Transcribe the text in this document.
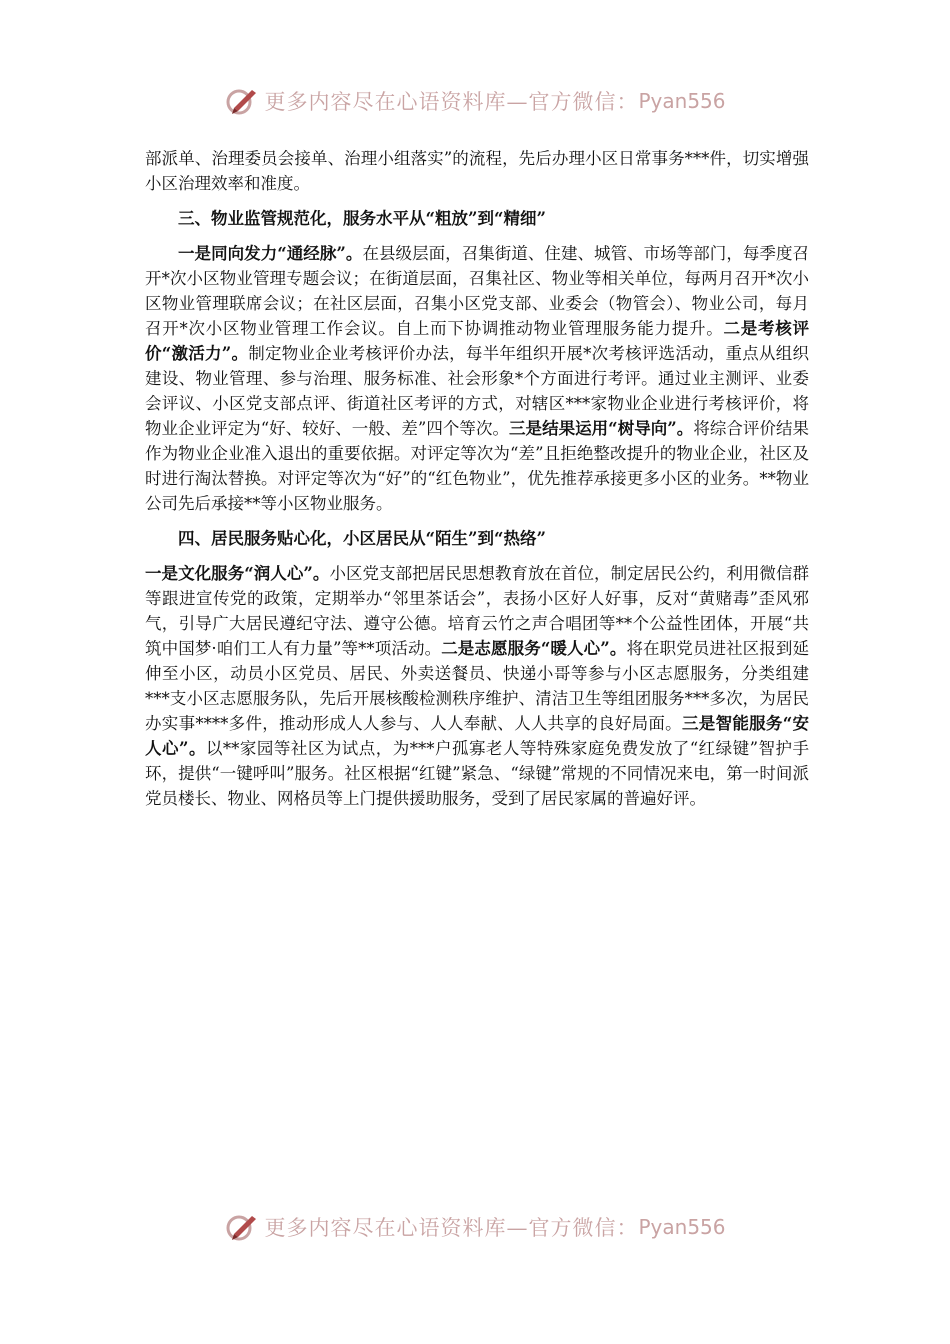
更多内容尽在心语资料库—官方微信： Pyan556

部派单、治理委员会接单、治理小组落实”的流程，先后办理小区日常事务***件，切实增强小区治理效率和准度。

三、物业监管规范化，服务水平从“粗放”到“精细”

一是同向发力“通经脉”。在县级层面，召集街道、住建、城管、市场等部门，每季度召开*次小区物业管理专题会议；在街道层面，召集社区、物业等相关单位，每两月召开*次小区物业管理联席会议；在社区层面，召集小区党支部、业委会（物管会）、物业公司，每月召开*次小区物业管理工作会议。自上而下协调推动物业管理服务能力提升。二是考核评价“激活力”。制定物业企业考核评价办法，每半年组织开展*次考核评选活动，重点从组织建设、物业管理、参与治理、服务标准、社会形象*个方面进行考评。通过业主测评、业委会评议、小区党支部点评、街道社区考评的方式，对辖区***家物业企业进行考核评价，将物业企业评定为“好、较好、一般、差”四个等次。三是结果运用“树导向”。将综合评价结果作为物业企业准入退出的重要依据。对评定等次为“差”且拒绝整改提升的物业企业，社区及时进行淘汰替换。对评定等次为“好”的“红色物业”，优先推荐承接更多小区的业务。**物业公司先后承接**等小区物业服务。

四、居民服务贴心化，小区居民从“陌生”到“热络”

一是文化服务“润人心”。小区党支部把居民思想教育放在首位，制定居民公约，利用微信群等跟进宣传党的政策，定期举办“邻里茶话会”，表扬小区好人好事，反对“黄赌毒”歪风邪气，引导广大居民遵纪守法、遵守公德。培育云竹之声合唱团等**个公益性团体，开展“共筑中国梦·咱们工人有力量”等**项活动。二是志愿服务“暖人心”。将在职党员进社区报到延伸至小区，动员小区党员、居民、外卖送餐员、快递小哥等参与小区志愿服务，分类组建***支小区志愿服务队，先后开展核酸检测秩序维护、清洁卫生等组团服务***多次，为居民办实事****多件，推动形成人人参与、人人奉献、人人共享的良好局面。三是智能服务“安人心”。以**家园等社区为试点，为***户孤寡老人等特殊家庭免费发放了“红绿键”智护手环，提供“一键呼叫”服务。社区根据“红键”紧急、“绿键”常规的不同情况来电，第一时间派党员楼长、物业、网格员等上门提供援助服务，受到了居民家属的普遍好评。

更多内容尽在心语资料库—官方微信： Pyan556
